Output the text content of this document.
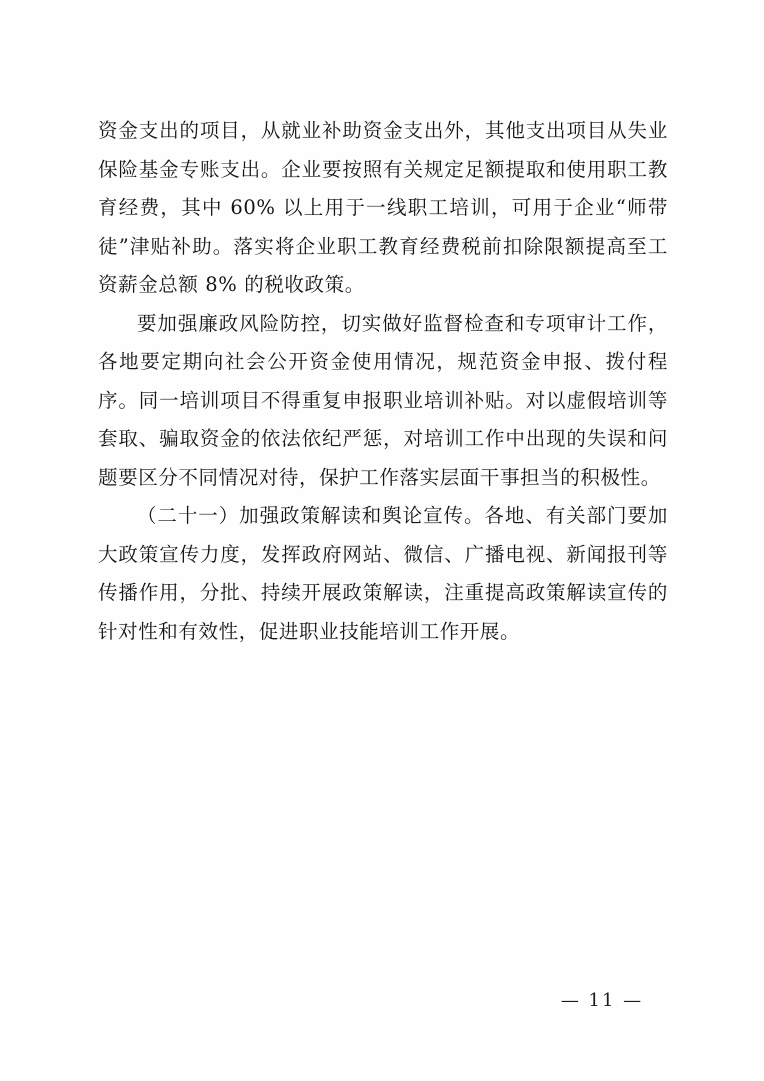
资金支出的项目，从就业补助资金支出外，其他支出项目从失业保险基金专账支出。企业要按照有关规定足额提取和使用职工教育经费，其中 60% 以上用于一线职工培训，可用于企业“师带徒”津贴补助。落实将企业职工教育经费税前扣除限额提高至工资薪金总额 8% 的税收政策。

要加强廉政风险防控，切实做好监督检查和专项审计工作，各地要定期向社会公开资金使用情况，规范资金申报、拨付程序。同一培训项目不得重复申报职业培训补贴。对以虚假培训等套取、骗取资金的依法依纪严惩，对培训工作中出现的失误和问题要区分不同情况对待，保护工作落实层面干事担当的积极性。

（二十一）加强政策解读和舆论宣传。各地、有关部门要加大政策宣传力度，发挥政府网站、微信、广播电视、新闻报刊等传播作用，分批、持续开展政策解读，注重提高政策解读宣传的针对性和有效性，促进职业技能培训工作开展。

— 11 —
